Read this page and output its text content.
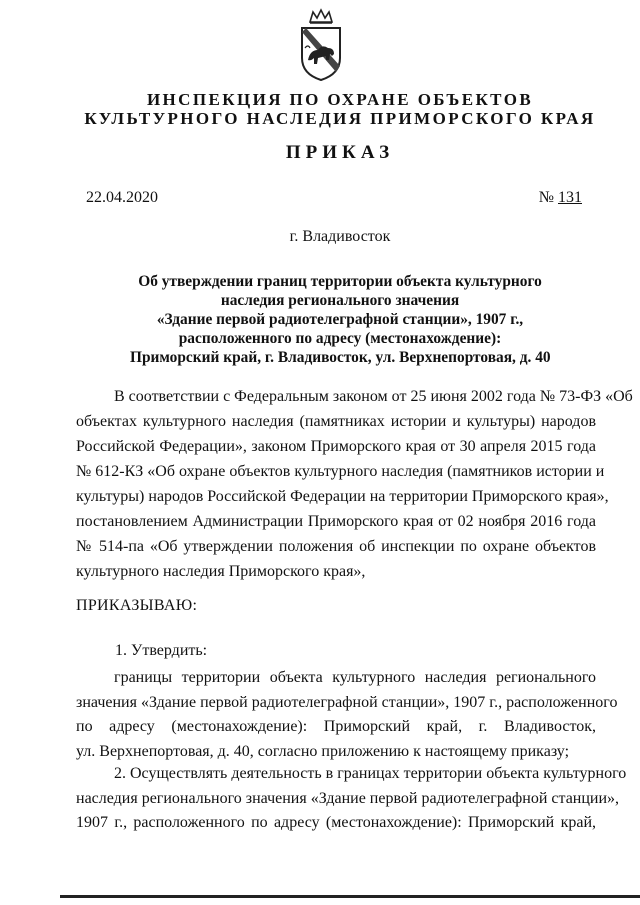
ИНСПЕКЦИЯ ПО ОХРАНЕ ОБЪЕКТОВ
КУЛЬТУРНОГО НАСЛЕДИЯ ПРИМОРСКОГО КРАЯ
ПРИКАЗ
22.04.2020	№ 131
г. Владивосток
Об утверждении границ территории объекта культурного
наследия регионального значения
«Здание первой радиотелеграфной станции», 1907 г.,
расположенного по адресу (местонахождение):
Приморский край, г. Владивосток, ул. Верхнепортовая, д. 40
В соответствии с Федеральным законом от 25 июня 2002 года № 73-ФЗ «Об
объектах культурного наследия (памятниках истории и культуры) народов
Российской Федерации», законом Приморского края от 30 апреля 2015 года
№ 612-КЗ «Об охране объектов культурного наследия (памятников истории и
культуры) народов Российской Федерации на территории Приморского края»,
постановлением Администрации Приморского края от 02 ноября 2016 года
№ 514-па «Об утверждении положения об инспекции по охране объектов
культурного наследия Приморского края»,
ПРИКАЗЫВАЮ:
1. Утвердить:
границы территории объекта культурного наследия регионального
значения «Здание первой радиотелеграфной станции», 1907 г., расположенного
по адресу (местонахождение): Приморский край, г. Владивосток,
ул. Верхнепортовая, д. 40, согласно приложению к настоящему приказу;
2. Осуществлять деятельность в границах территории объекта культурного
наследия регионального значения «Здание первой радиотелеграфной станции»,
1907 г., расположенного по адресу (местонахождение): Приморский край,
